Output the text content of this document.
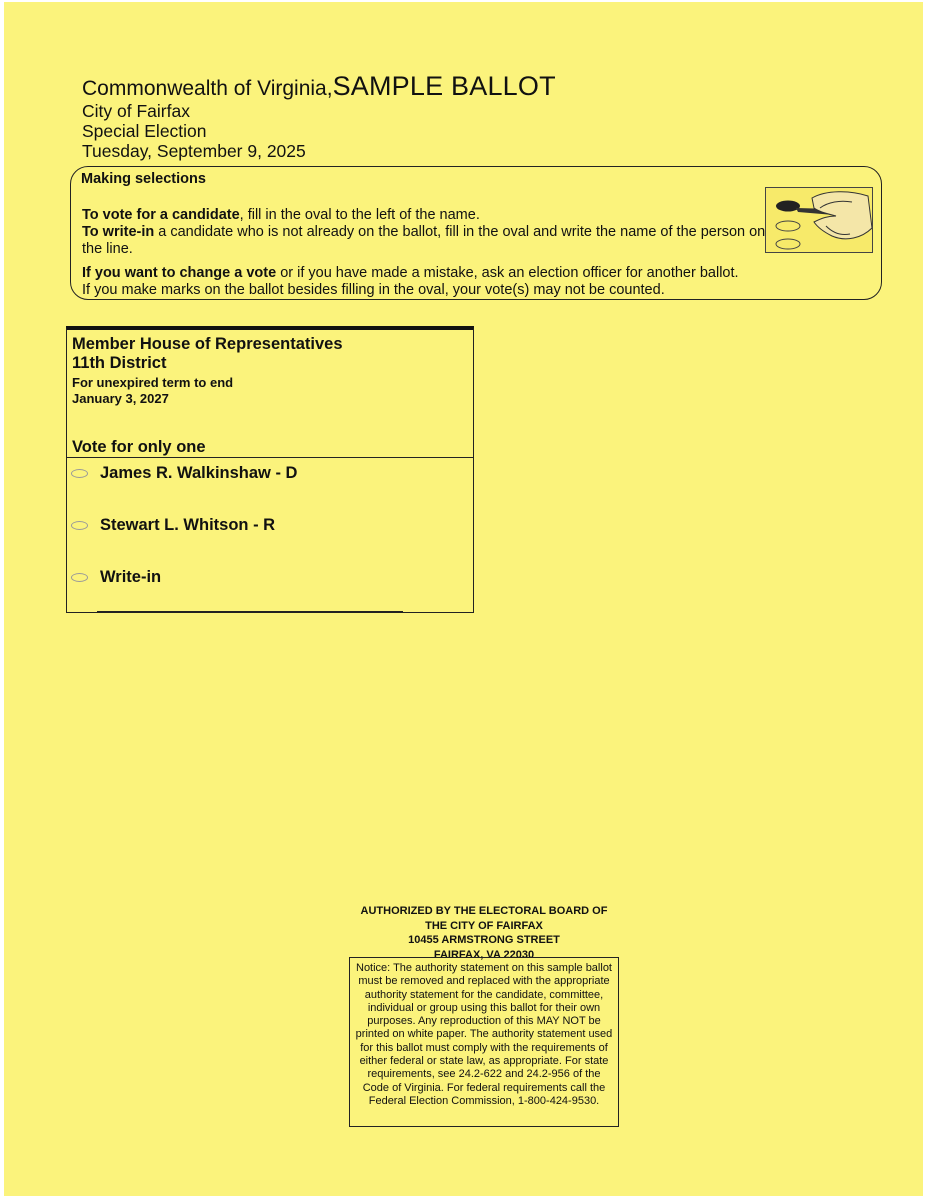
Commonwealth of Virginia,SAMPLE BALLOT
City of Fairfax
Special Election
Tuesday, September 9, 2025
Making selections
To vote for a candidate, fill in the oval to the left of the name.
To write-in a candidate who is not already on the ballot, fill in the oval and write the name of the person on the line.
If you want to change a vote or if you have made a mistake, ask an election officer for another ballot.
If you make marks on the ballot besides filling in the oval, your vote(s) may not be counted.
Member House of Representatives
11th District
For unexpired term to end
January 3, 2027
Vote for only one
James R. Walkinshaw - D
Stewart L. Whitson - R
Write-in
AUTHORIZED BY THE ELECTORAL BOARD OF
THE CITY OF FAIRFAX
10455 ARMSTRONG STREET
FAIRFAX, VA 22030
Notice: The authority statement on this sample ballot must be removed and replaced with the appropriate authority statement for the candidate, committee, individual or group using this ballot for their own purposes. Any reproduction of this MAY NOT be printed on white paper. The authority statement used for this ballot must comply with the requirements of either federal or state law, as appropriate. For state requirements, see 24.2-622 and 24.2-956 of the Code of Virginia. For federal requirements call the Federal Election Commission, 1-800-424-9530.
